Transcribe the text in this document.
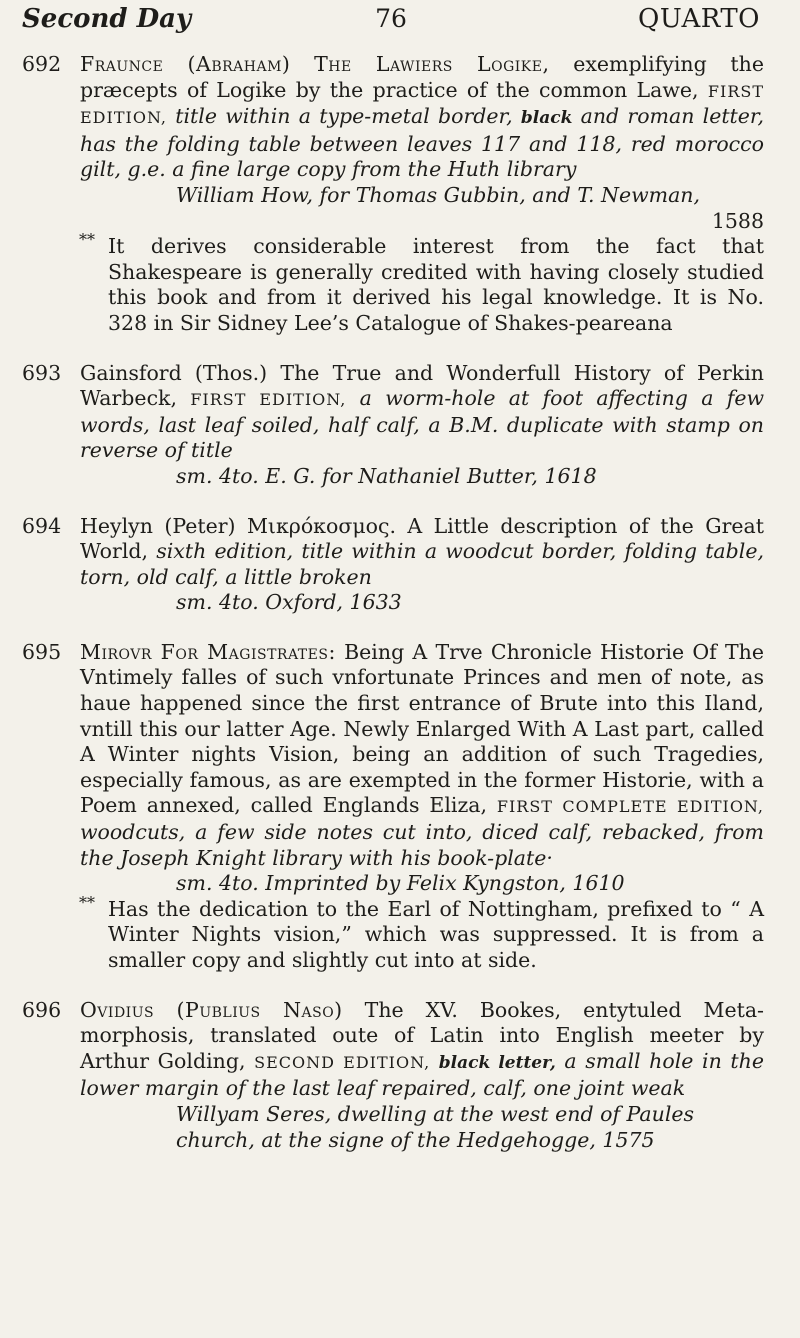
Second Day	76	QUARTO
692 Fraunce (Abraham) The Lawiers Logike, exemplifying the præcepts of Logike by the practice of the common Lawe, FIRST EDITION, title within a type-metal border, black and roman letter, has the folding table between leaves 117 and 118, red morocco gilt, g.e. a fine large copy from the Huth library

William How, for Thomas Gubbin, and T. Newman,

1588

** It derives considerable interest from the fact that Shakespeare is generally credited with having closely studied this book and from it derived his legal knowledge. It is No. 328 in Sir Sidney Lee’s Catalogue of Shakes-peareana

693 Gainsford (Thos.) The True and Wonderfull History of Perkin Warbeck, FIRST EDITION, a worm-hole at foot affecting a few words, last leaf soiled, half calf, a B.M. duplicate with stamp on reverse of title

sm. 4to. E. G. for Nathaniel Butter, 1618

694 Heylyn (Peter) Μικρόκοσμος. A Little description of the Great World, sixth edition, title within a woodcut border, folding table, torn, old calf, a little broken

sm. 4to. Oxford, 1633

695 Mirovr For Magistrates: Being A Trve Chronicle Historie Of The Vntimely falles of such vnfortunate Princes and men of note, as haue happened since the first entrance of Brute into this Iland, vntill this our latter Age. Newly Enlarged With A Last part, called A Winter nights Vision, being an addition of such Tragedies, especially famous, as are exempted in the former Historie, with a Poem annexed, called Englands Eliza, FIRST COMPLETE EDITION, woodcuts, a few side notes cut into, diced calf, rebacked, from the Joseph Knight library with his book-plate·

sm. 4to. Imprinted by Felix Kyngston, 1610

** Has the dedication to the Earl of Nottingham, prefixed to “ A Winter Nights vision,” which was suppressed. It is from a smaller copy and slightly cut into at side.

696 Ovidius (Publius Naso) The XV. Bookes, entytuled Meta-morphosis, translated oute of Latin into English meeter by Arthur Golding, SECOND EDITION, black letter, a small hole in the lower margin of the last leaf repaired, calf, one joint weak

Willyam Seres, dwelling at the west end of Paules church, at the signe of the Hedgehogge, 1575
